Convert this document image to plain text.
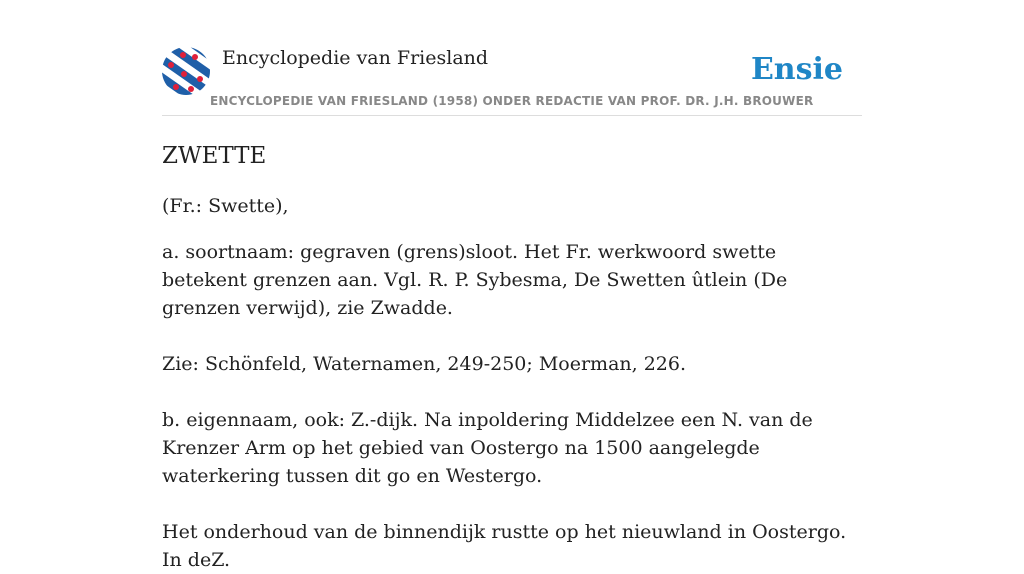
Encyclopedie van Friesland	Ensie
ENCYCLOPEDIE VAN FRIESLAND (1958) ONDER REDACTIE VAN PROF. DR. J.H. BROUWER
ZWETTE

(Fr.: Swette),

a. soortnaam: gegraven (grens)sloot. Het Fr. werkwoord swette betekent grenzen aan. Vgl. R. P. Sybesma, De Swetten ûtlein (De grenzen verwijd), zie Zwadde.

Zie: Schönfeld, Waternamen, 249-250; Moerman, 226.

b. eigennaam, ook: Z.-dijk. Na inpoldering Middelzee een N. van de Krenzer Arm op het gebied van Oostergo na 1500 aangelegde waterkering tussen dit go en Westergo.

Het onderhoud van de binnendijk rustte op het nieuwland in Oostergo. In deZ.
